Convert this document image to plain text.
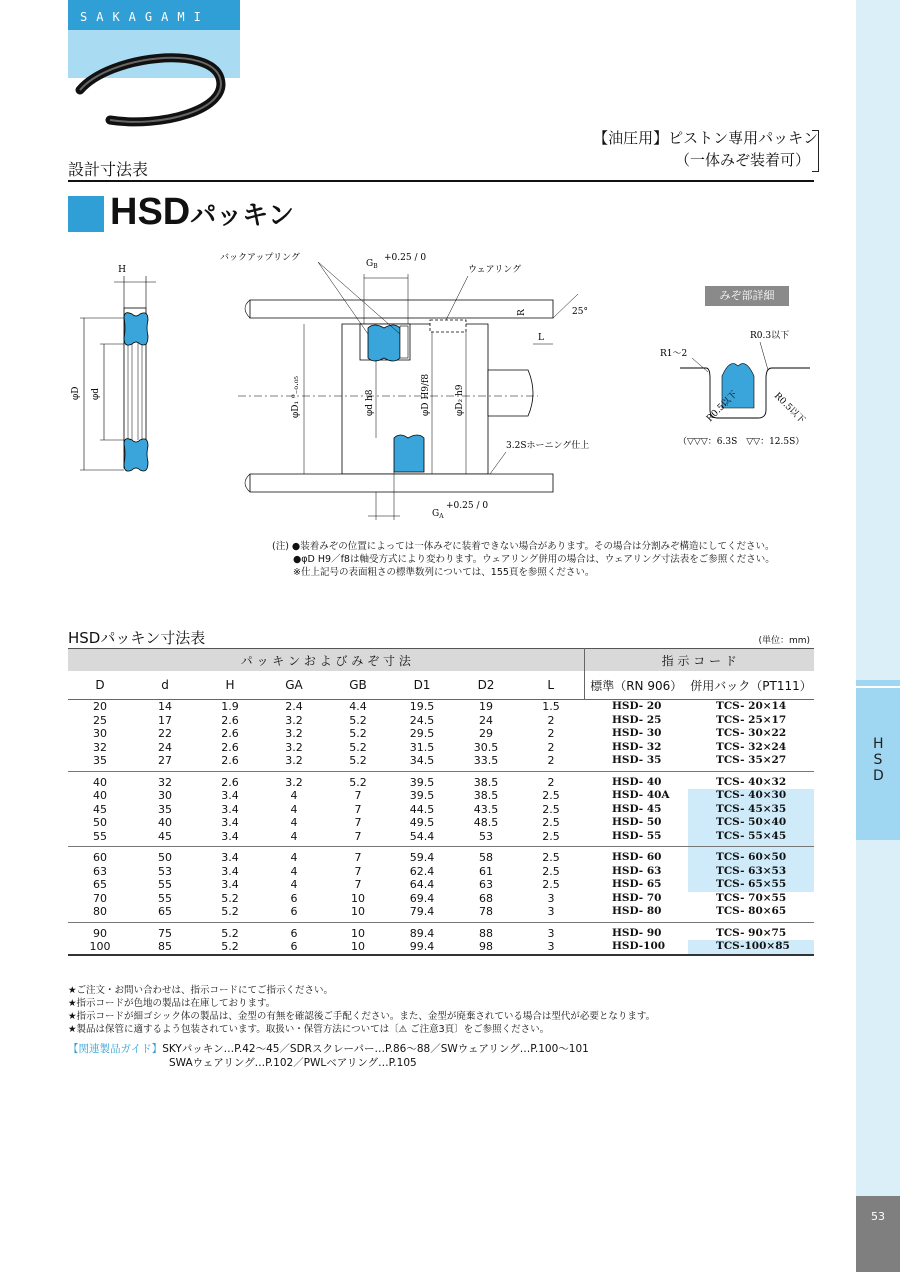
SAKAGAMI
H S D
53
【油圧用】ピストン専用パッキン
（一体みぞ装着可）
設計寸法表
HSDパッキン
H
φD φd	φD₁ ⁰₋₀.₀₅	φd h8	φD H9/f8	φD₂ h9
$G_B$
+0.25 / 0
$G_A$
+0.25 / 0
バックアップリング
ウェアリング
R	25°
L
3.2Sホーニング仕上
みぞ部詳細
R0.3以下
R1〜2
R0.5以下	R0.5以下
（▽▽▽：6.3S　▽▽：12.5S）
(注) ●装着みぞの位置によっては一体みぞに装着できない場合があります。その場合は分割みぞ構造にしてください。
●φD H9／f8は軸受方式により変わります。ウェアリング併用の場合は、ウェアリング寸法表をご参照ください。
※仕上記号の表面粗さの標準数列については、155頁を参照ください。
HSDパッキン寸法表	(単位：mm)
パ ッ キ ン お よ び み ぞ 寸 法								指 示 コ ー ド	
D	d	H	GA	GB	D1	D2	L	標準（RN 906）	併用バック（PT111）
20	14	1.9	2.4	4.4	19.5	19	1.5	HSD- 20	TCS- 20×14
25	17	2.6	3.2	5.2	24.5	24	2	HSD- 25	TCS- 25×17
30	22	2.6	3.2	5.2	29.5	29	2	HSD- 30	TCS- 30×22
32	24	2.6	3.2	5.2	31.5	30.5	2	HSD- 32	TCS- 32×24
35	27	2.6	3.2	5.2	34.5	33.5	2	HSD- 35	TCS- 35×27
40	32	2.6	3.2	5.2	39.5	38.5	2	HSD- 40	TCS- 40×32
40	30	3.4	4	7	39.5	38.5	2.5	HSD- 40A	TCS- 40×30
45	35	3.4	4	7	44.5	43.5	2.5	HSD- 45	TCS- 45×35
50	40	3.4	4	7	49.5	48.5	2.5	HSD- 50	TCS- 50×40
55	45	3.4	4	7	54.4	53	2.5	HSD- 55	TCS- 55×45
60	50	3.4	4	7	59.4	58	2.5	HSD- 60	TCS- 60×50
63	53	3.4	4	7	62.4	61	2.5	HSD- 63	TCS- 63×53
65	55	3.4	4	7	64.4	63	2.5	HSD- 65	TCS- 65×55
70	55	5.2	6	10	69.4	68	3	HSD- 70	TCS- 70×55
80	65	5.2	6	10	79.4	78	3	HSD- 80	TCS- 80×65
90	75	5.2	6	10	89.4	88	3	HSD- 90	TCS- 90×75
100	85	5.2	6	10	99.4	98	3	HSD-100	TCS-100×85
★ご注文・お問い合わせは、指示コードにてご指示ください。
★指示コードが色地の製品は在庫しております。
★指示コードが細ゴシック体の製品は、金型の有無を確認後ご手配ください。また、金型が廃棄されている場合は型代が必要となります。
★製品は保管に適するよう包装されています。取扱い・保管方法については〔⚠ ご注意3頁〕をご参照ください。
【関連製品ガイド】SKYパッキン…P.42〜45／SDRスクレーパー…P.86〜88／SWウェアリング…P.100〜101
SWAウェアリング…P.102／PWLベアリング…P.105
